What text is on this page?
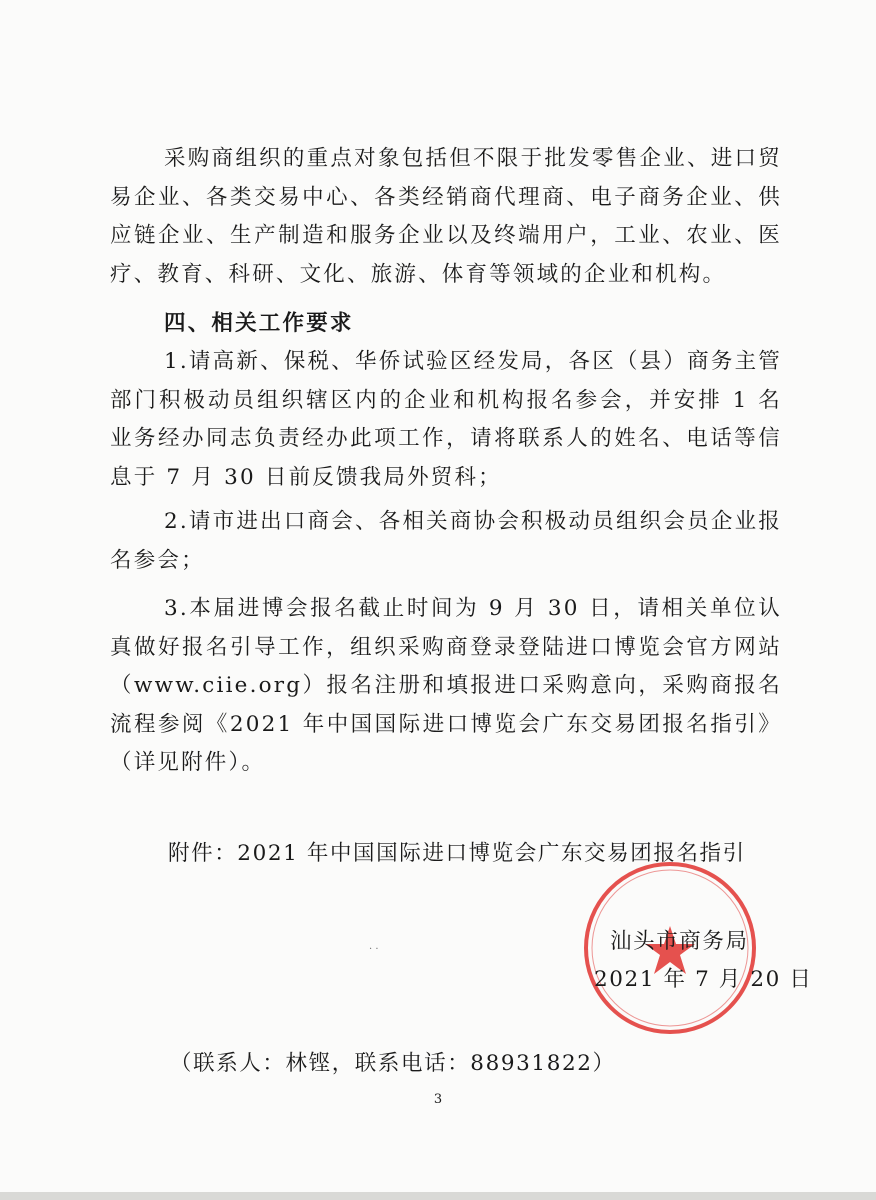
采购商组织的重点对象包括但不限于批发零售企业、进口贸易企业、各类交易中心、各类经销商代理商、电子商务企业、供应链企业、生产制造和服务企业以及终端用户，工业、农业、医疗、教育、科研、文化、旅游、体育等领域的企业和机构。

四、相关工作要求

1.请高新、保税、华侨试验区经发局，各区（县）商务主管部门积极动员组织辖区内的企业和机构报名参会，并安排 1 名业务经办同志负责经办此项工作，请将联系人的姓名、电话等信息于 7 月 30 日前反馈我局外贸科；

2.请市进出口商会、各相关商协会积极动员组织会员企业报名参会；

3.本届进博会报名截止时间为 9 月 30 日，请相关单位认真做好报名引导工作，组织采购商登录登陆进口博览会官方网站（www.ciie.org）报名注册和填报进口采购意向，采购商报名流程参阅《2021 年中国国际进口博览会广东交易团报名指引》（详见附件）。

附件：2021 年中国国际进口博览会广东交易团报名指引

· ·	汕头市商务局

2021 年 7 月 20 日

（联系人：林铿，联系电话：88931822）

3
